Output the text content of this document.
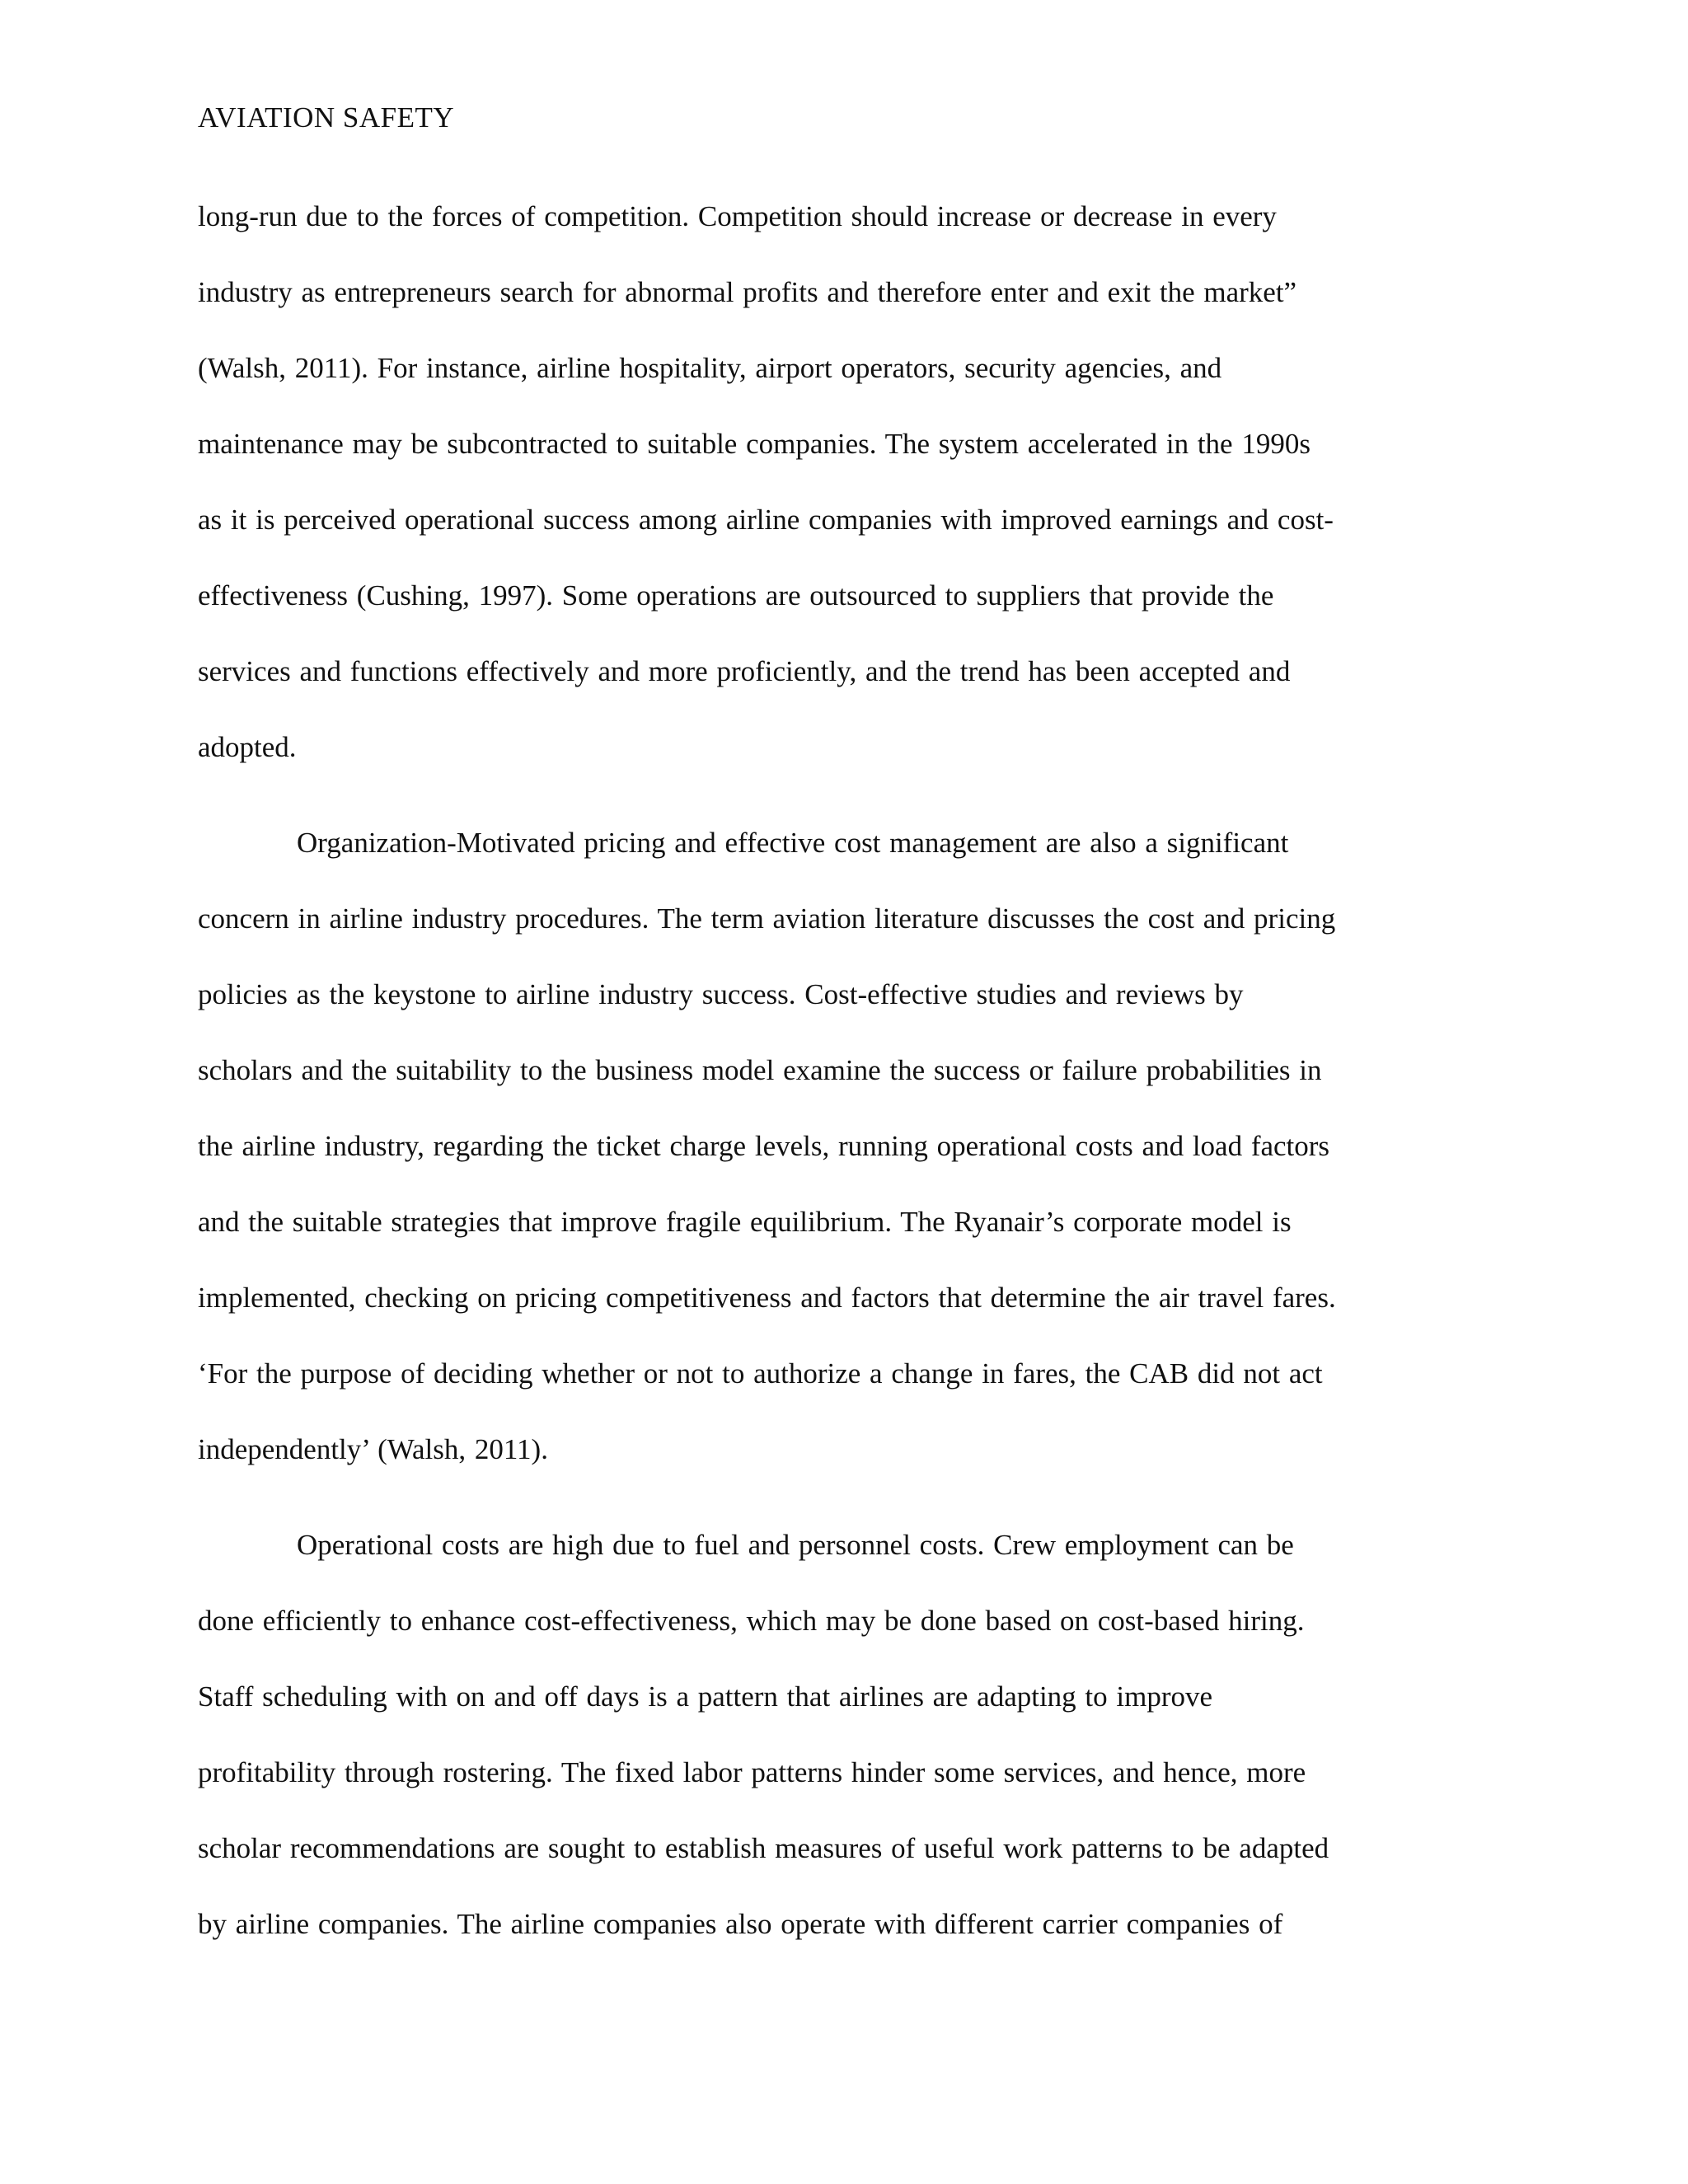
AVIATION SAFETY
long-run due to the forces of competition. Competition should increase or decrease in every
industry as entrepreneurs search for abnormal profits and therefore enter and exit the market”
(Walsh, 2011). For instance, airline hospitality, airport operators, security agencies, and
maintenance may be subcontracted to suitable companies. The system accelerated in the 1990s
as it is perceived operational success among airline companies with improved earnings and cost-
effectiveness (Cushing, 1997). Some operations are outsourced to suppliers that provide the
services and functions effectively and more proficiently, and the trend has been accepted and
adopted.
Organization-Motivated pricing and effective cost management are also a significant
concern in airline industry procedures. The term aviation literature discusses the cost and pricing
policies as the keystone to airline industry success. Cost-effective studies and reviews by
scholars and the suitability to the business model examine the success or failure probabilities in
the airline industry, regarding the ticket charge levels, running operational costs and load factors
and the suitable strategies that improve fragile equilibrium. The Ryanair’s corporate model is
implemented, checking on pricing competitiveness and factors that determine the air travel fares.
‘For the purpose of deciding whether or not to authorize a change in fares, the CAB did not act
independently’ (Walsh, 2011).
Operational costs are high due to fuel and personnel costs. Crew employment can be
done efficiently to enhance cost-effectiveness, which may be done based on cost-based hiring.
Staff scheduling with on and off days is a pattern that airlines are adapting to improve
profitability through rostering. The fixed labor patterns hinder some services, and hence, more
scholar recommendations are sought to establish measures of useful work patterns to be adapted
by airline companies. The airline companies also operate with different carrier companies of
